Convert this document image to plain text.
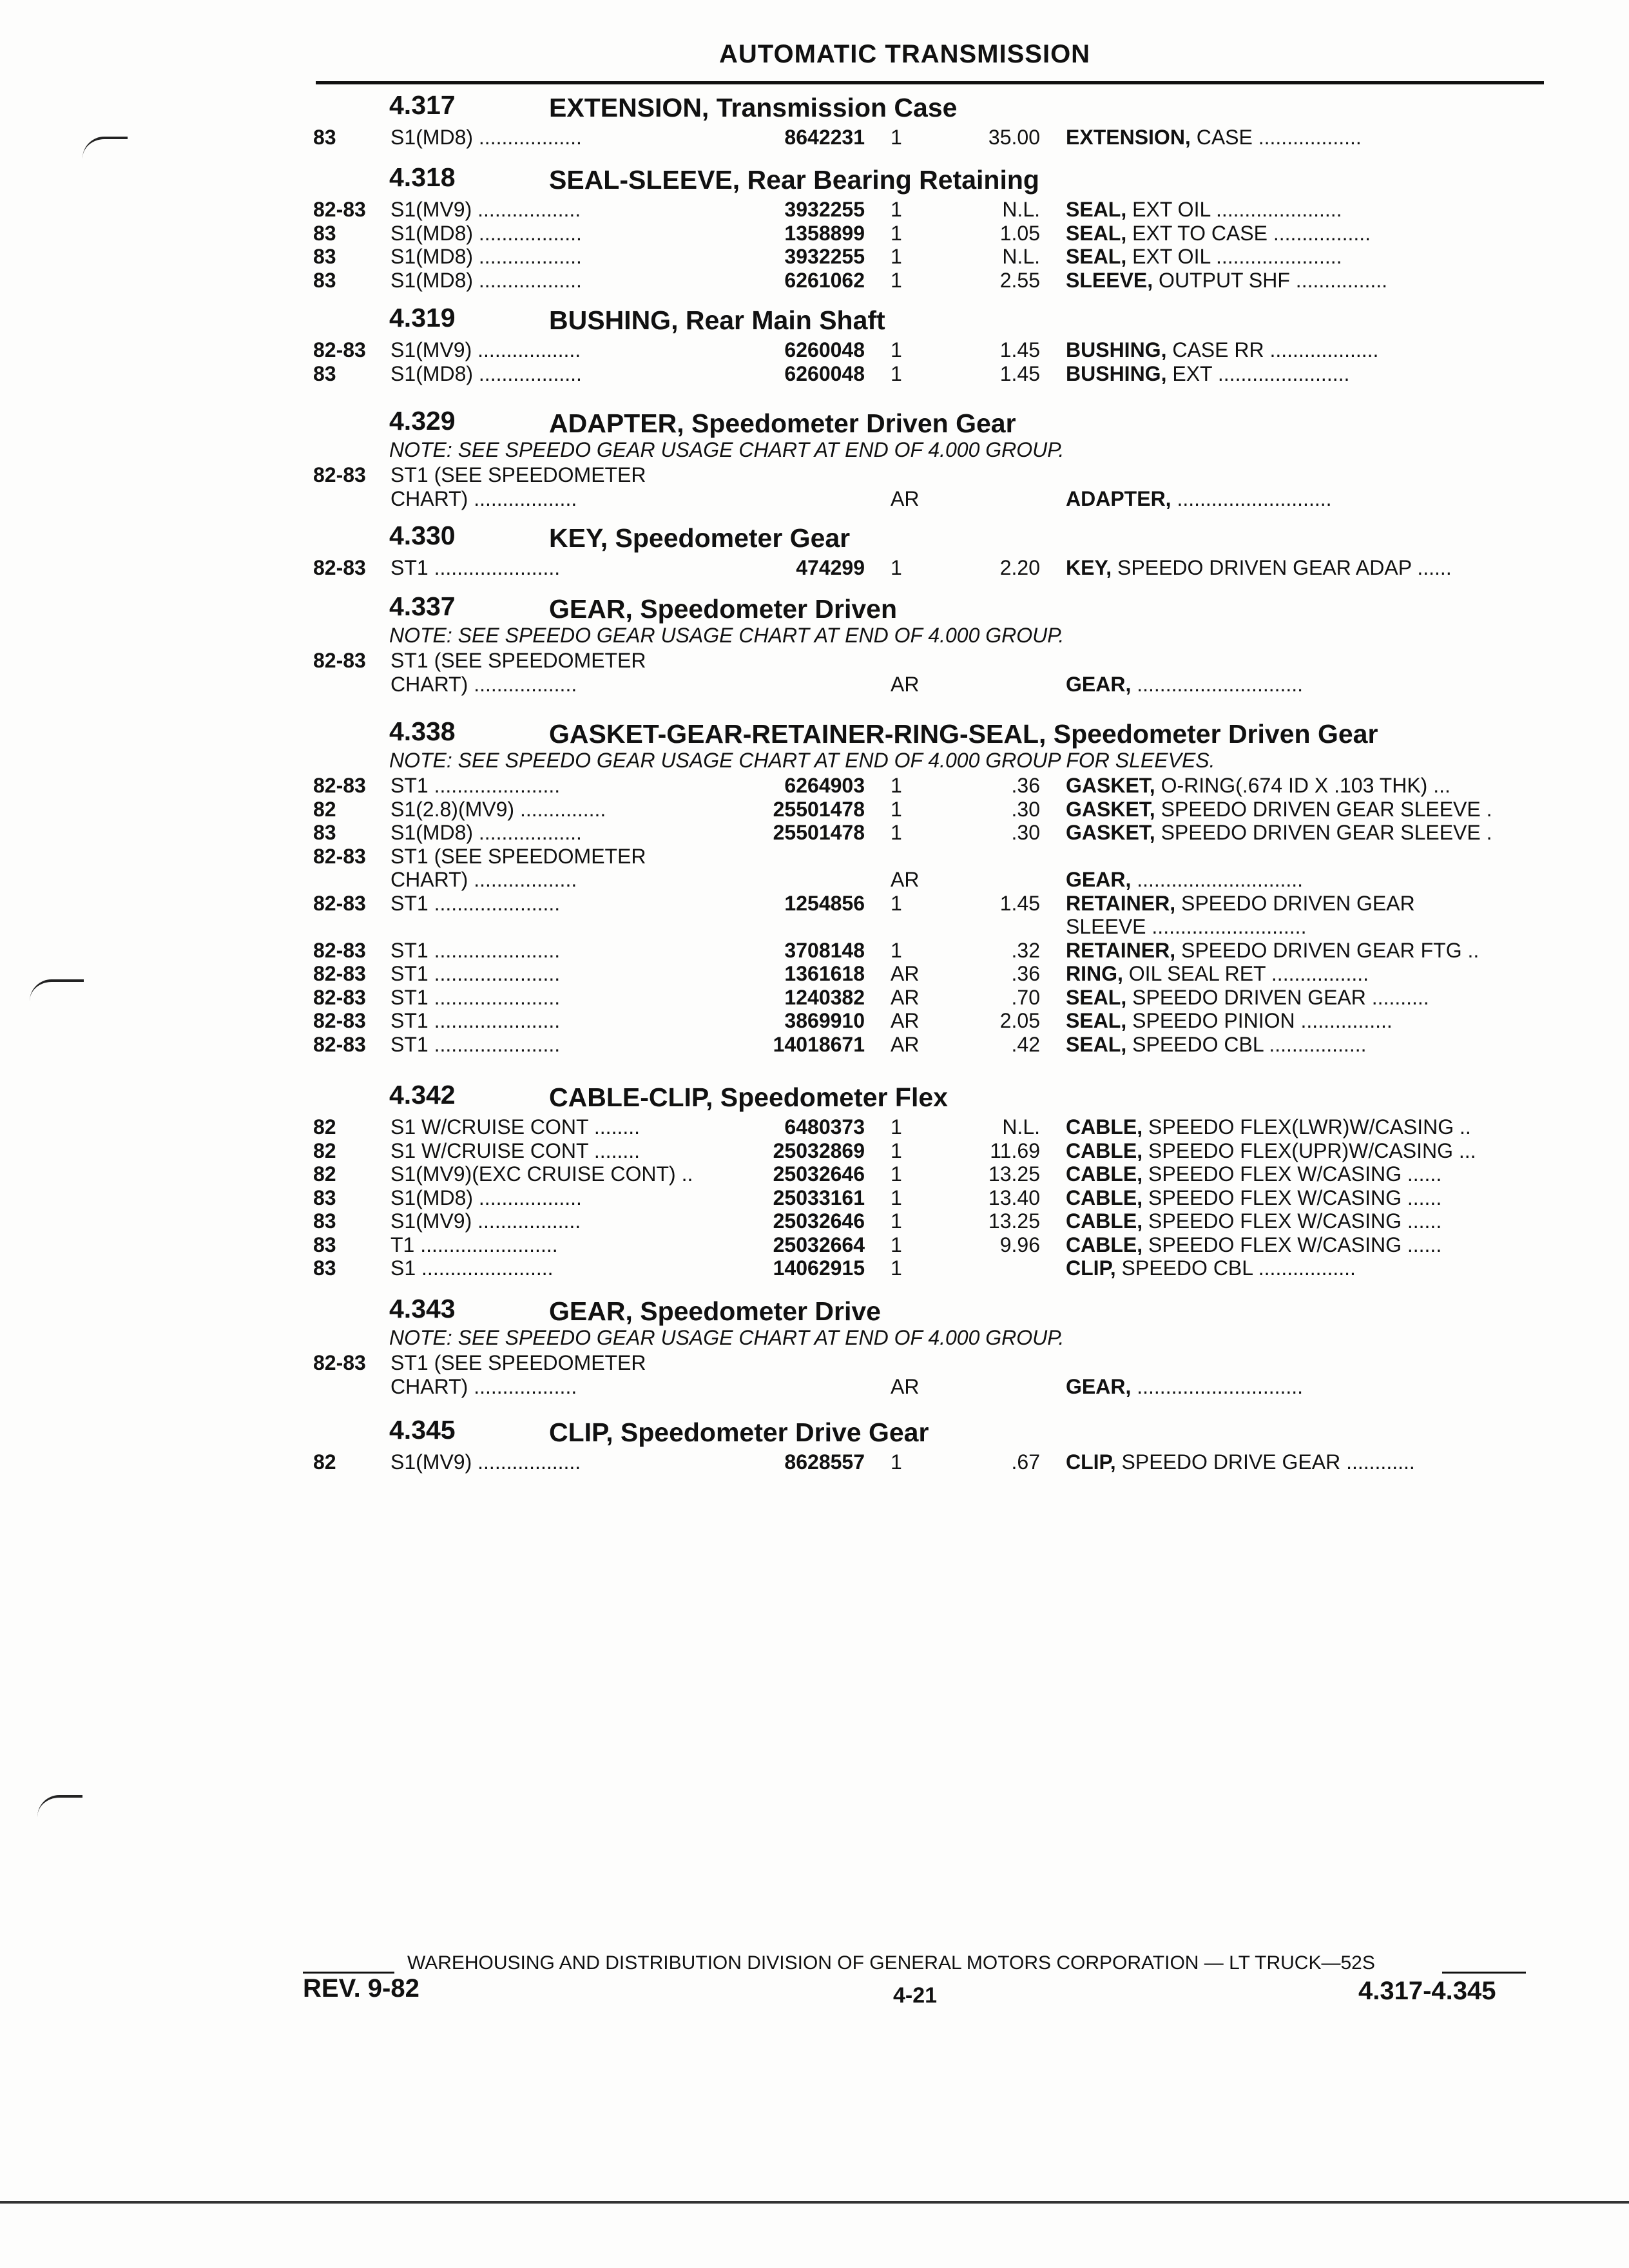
AUTOMATIC TRANSMISSION
4.317	EXTENSION, Transmission Case
83	S1(MD8) ..................	8642231 1	35.00 EXTENSION, CASE ..................
4.318	SEAL-SLEEVE, Rear Bearing Retaining
82-83 S1(MV9) ..................	3932255 1	N.L. SEAL, EXT OIL ......................
83	S1(MD8) ..................	1358899 1	1.05 SEAL, EXT TO CASE .................
83	S1(MD8) ..................	3932255 1	N.L. SEAL, EXT OIL ......................
83	S1(MD8) ..................	6261062 1	2.55 SLEEVE, OUTPUT SHF ................
4.319	BUSHING, Rear Main Shaft
82-83 S1(MV9) ..................	6260048 1	1.45 BUSHING, CASE RR ...................
83	S1(MD8) ..................	6260048 1	1.45 BUSHING, EXT .......................
4.329	ADAPTER, Speedometer Driven Gear
NOTE: SEE SPEEDO GEAR USAGE CHART AT END OF 4.000 GROUP.
82-83 ST1 (SEE SPEEDOMETER
CHART) ..................	AR	ADAPTER, ...........................
4.330	KEY, Speedometer Gear
82-83 ST1 ......................	474299 1	2.20 KEY, SPEEDO DRIVEN GEAR ADAP ......
4.337	GEAR, Speedometer Driven
NOTE: SEE SPEEDO GEAR USAGE CHART AT END OF 4.000 GROUP.
82-83 ST1 (SEE SPEEDOMETER
CHART) ..................	AR	GEAR, .............................
4.338	GASKET-GEAR-RETAINER-RING-SEAL, Speedometer Driven Gear
NOTE: SEE SPEEDO GEAR USAGE CHART AT END OF 4.000 GROUP FOR SLEEVES.
82-83 ST1 ......................	6264903 1	.36 GASKET, O-RING(.674 ID X .103 THK) ...
82	S1(2.8)(MV9) ...............	25501478 1	.30 GASKET, SPEEDO DRIVEN GEAR SLEEVE .
83	S1(MD8) ..................	25501478 1	.30 GASKET, SPEEDO DRIVEN GEAR SLEEVE .
82-83 ST1 (SEE SPEEDOMETER
CHART) ..................	AR	GEAR, .............................
82-83 ST1 ......................	1254856 1	1.45 RETAINER, SPEEDO DRIVEN GEAR
SLEEVE ...........................
82-83 ST1 ......................	3708148 1	.32 RETAINER, SPEEDO DRIVEN GEAR FTG ..
82-83 ST1 ......................	1361618 AR	.36 RING, OIL SEAL RET .................
82-83 ST1 ......................	1240382 AR	.70 SEAL, SPEEDO DRIVEN GEAR ..........
82-83 ST1 ......................	3869910 AR	2.05 SEAL, SPEEDO PINION ................
82-83 ST1 ......................	14018671 AR	.42 SEAL, SPEEDO CBL .................
4.342	CABLE-CLIP, Speedometer Flex
82	S1 W/CRUISE CONT ........	6480373 1	N.L. CABLE, SPEEDO FLEX(LWR)W/CASING ..
82	S1 W/CRUISE CONT ........	25032869 1	11.69 CABLE, SPEEDO FLEX(UPR)W/CASING ...
82	S1(MV9)(EXC CRUISE CONT) ..	25032646 1	13.25 CABLE, SPEEDO FLEX W/CASING ......
83	S1(MD8) ..................	25033161 1	13.40 CABLE, SPEEDO FLEX W/CASING ......
83	S1(MV9) ..................	25032646 1	13.25 CABLE, SPEEDO FLEX W/CASING ......
83	T1 ........................	25032664 1	9.96 CABLE, SPEEDO FLEX W/CASING ......
83	S1 .......................	14062915 1	CLIP, SPEEDO CBL .................
4.343	GEAR, Speedometer Drive
NOTE: SEE SPEEDO GEAR USAGE CHART AT END OF 4.000 GROUP.
82-83 ST1 (SEE SPEEDOMETER
CHART) ..................	AR	GEAR, .............................
4.345	CLIP, Speedometer Drive Gear
82	S1(MV9) ..................	8628557 1	.67 CLIP, SPEEDO DRIVE GEAR ............
WAREHOUSING AND DISTRIBUTION DIVISION OF GENERAL MOTORS CORPORATION — LT TRUCK—52S
REV. 9-82	4-21	4.317-4.345
